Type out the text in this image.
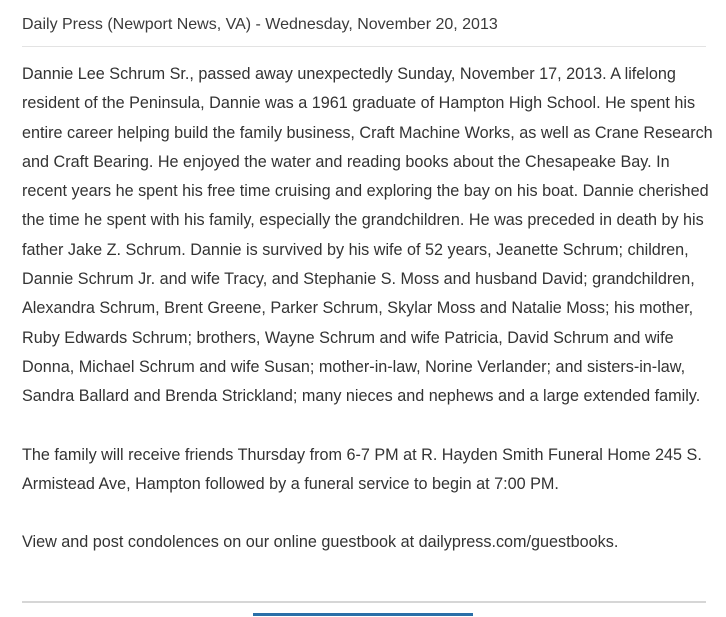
Daily Press (Newport News, VA) - Wednesday, November 20, 2013

Dannie Lee Schrum Sr., passed away unexpectedly Sunday, November 17, 2013. A lifelong resident of the Peninsula, Dannie was a 1961 graduate of Hampton High School. He spent his entire career helping build the family business, Craft Machine Works, as well as Crane Research and Craft Bearing. He enjoyed the water and reading books about the Chesapeake Bay. In recent years he spent his free time cruising and exploring the bay on his boat. Dannie cherished the time he spent with his family, especially the grandchildren. He was preceded in death by his father Jake Z. Schrum. Dannie is survived by his wife of 52 years, Jeanette Schrum; children, Dannie Schrum Jr. and wife Tracy, and Stephanie S. Moss and husband David; grandchildren, Alexandra Schrum, Brent Greene, Parker Schrum, Skylar Moss and Natalie Moss; his mother, Ruby Edwards Schrum; brothers, Wayne Schrum and wife Patricia, David Schrum and wife Donna, Michael Schrum and wife Susan; mother-in-law, Norine Verlander; and sisters-in-law, Sandra Ballard and Brenda Strickland; many nieces and nephews and a large extended family.

The family will receive friends Thursday from 6-7 PM at R. Hayden Smith Funeral Home 245 S. Armistead Ave, Hampton followed by a funeral service to begin at 7:00 PM.

View and post condolences on our online guestbook at dailypress.com/guestbooks.
